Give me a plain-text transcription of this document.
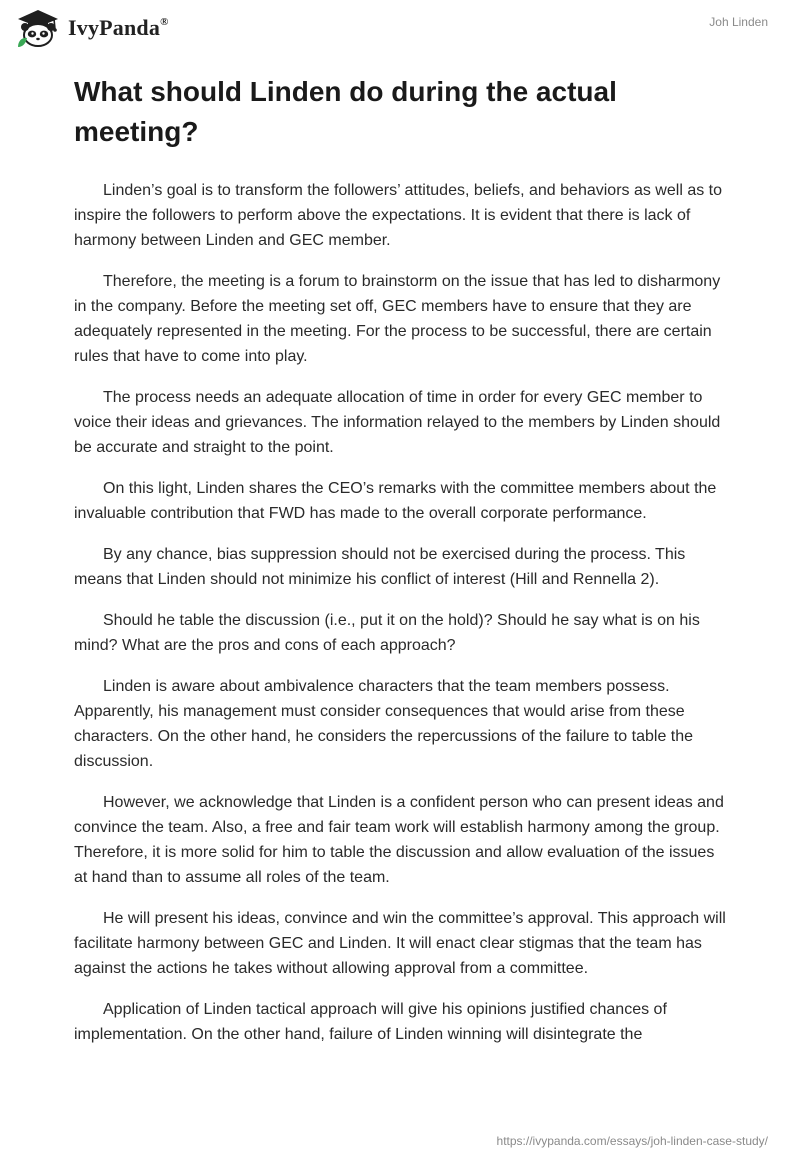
IvyPanda®	Joh Linden
What should Linden do during the actual meeting?

Linden’s goal is to transform the followers’ attitudes, beliefs, and behaviors as well as to inspire the followers to perform above the expectations. It is evident that there is lack of harmony between Linden and GEC member.

Therefore, the meeting is a forum to brainstorm on the issue that has led to disharmony in the company. Before the meeting set off, GEC members have to ensure that they are adequately represented in the meeting. For the process to be successful, there are certain rules that have to come into play.

The process needs an adequate allocation of time in order for every GEC member to voice their ideas and grievances. The information relayed to the members by Linden should be accurate and straight to the point.

On this light, Linden shares the CEO’s remarks with the committee members about the invaluable contribution that FWD has made to the overall corporate performance.

By any chance, bias suppression should not be exercised during the process. This means that Linden should not minimize his conflict of interest (Hill and Rennella 2).

Should he table the discussion (i.e., put it on the hold)? Should he say what is on his mind? What are the pros and cons of each approach?

Linden is aware about ambivalence characters that the team members possess. Apparently, his management must consider consequences that would arise from these characters. On the other hand, he considers the repercussions of the failure to table the discussion.

However, we acknowledge that Linden is a confident person who can present ideas and convince the team. Also, a free and fair team work will establish harmony among the group. Therefore, it is more solid for him to table the discussion and allow evaluation of the issues at hand than to assume all roles of the team.

He will present his ideas, convince and win the committee’s approval. This approach will facilitate harmony between GEC and Linden. It will enact clear stigmas that the team has against the actions he takes without allowing approval from a committee.

Application of Linden tactical approach will give his opinions justified chances of implementation. On the other hand, failure of Linden winning will disintegrate the

https://ivypanda.com/essays/joh-linden-case-study/
